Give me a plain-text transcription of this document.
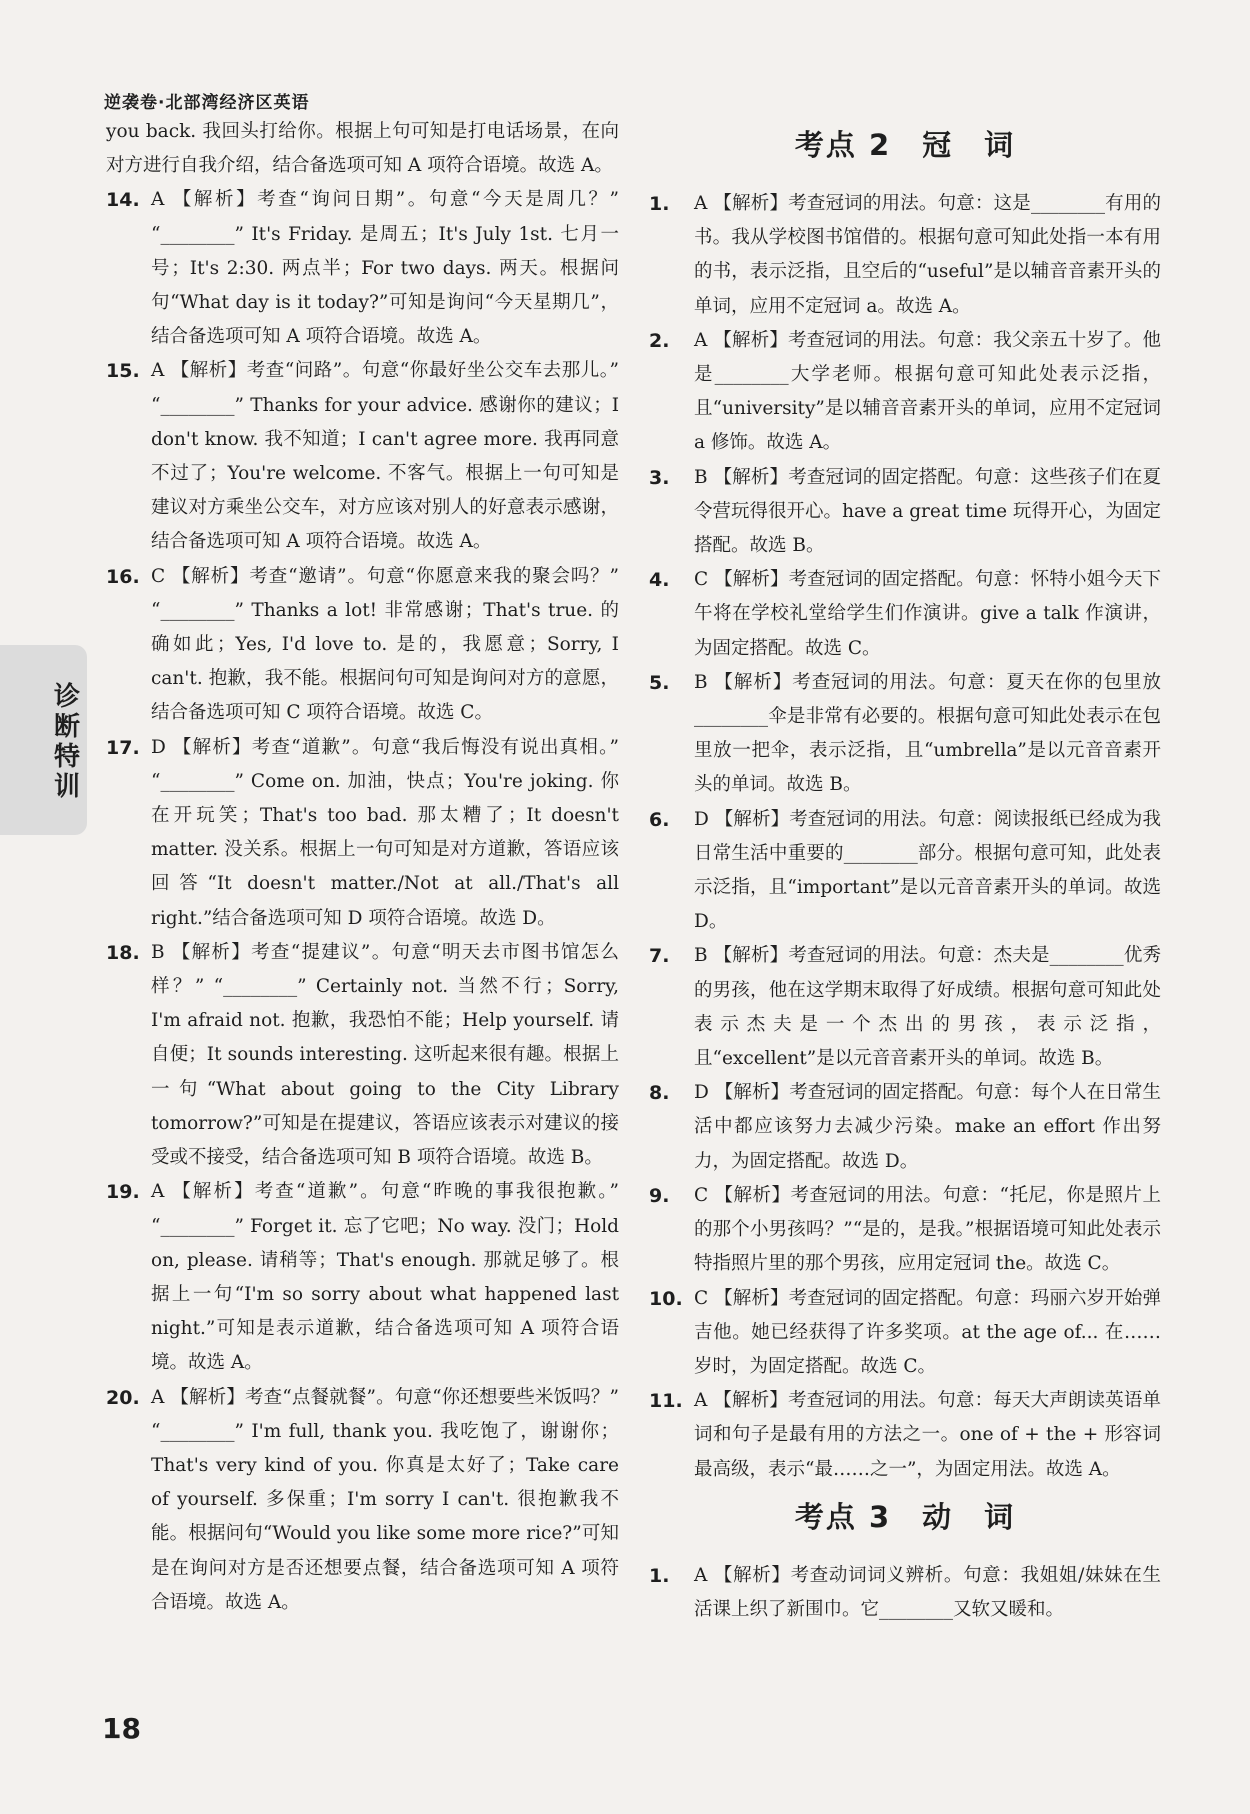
逆袭卷·北部湾经济区英语
诊断特训

you back. 我回头打给你。根据上句可知是打电话场景，在向对方进行自我介绍，结合备选项可知 A 项符合语境。故选 A。

14. A 【解析】考查“询问日期”。句意“今天是周几？” “________” It's Friday. 是周五；It's July 1st. 七月一号；It's 2:30. 两点半；For two days. 两天。根据问句“What day is it today?”可知是询问“今天星期几”，结合备选项可知 A 项符合语境。故选 A。
15. A 【解析】考查“问路”。句意“你最好坐公交车去那儿。” “________” Thanks for your advice. 感谢你的建议；I don't know. 我不知道；I can't agree more. 我再同意不过了；You're welcome. 不客气。根据上一句可知是建议对方乘坐公交车，对方应该对别人的好意表示感谢，结合备选项可知 A 项符合语境。故选 A。
16. C 【解析】考查“邀请”。句意“你愿意来我的聚会吗？” “________” Thanks a lot! 非常感谢；That's true. 的确如此；Yes, I'd love to. 是的，我愿意；Sorry, I can't. 抱歉，我不能。根据问句可知是询问对方的意愿，结合备选项可知 C 项符合语境。故选 C。
17. D 【解析】考查“道歉”。句意“我后悔没有说出真相。” “________” Come on. 加油，快点；You're joking. 你在开玩笑；That's too bad. 那太糟了；It doesn't matter. 没关系。根据上一句可知是对方道歉，答语应该回答“It doesn't matter./Not at all./That's all right.”结合备选项可知 D 项符合语境。故选 D。
18. B 【解析】考查“提建议”。句意“明天去市图书馆怎么样？” “________” Certainly not. 当然不行；Sorry, I'm afraid not. 抱歉，我恐怕不能；Help yourself. 请自便；It sounds interesting. 这听起来很有趣。根据上一句“What about going to the City Library tomorrow?”可知是在提建议，答语应该表示对建议的接受或不接受，结合备选项可知 B 项符合语境。故选 B。
19. A 【解析】考查“道歉”。句意“昨晚的事我很抱歉。” “________” Forget it. 忘了它吧；No way. 没门；Hold on, please. 请稍等；That's enough. 那就足够了。根据上一句“I'm so sorry about what happened last night.”可知是表示道歉，结合备选项可知 A 项符合语境。故选 A。
20. A 【解析】考查“点餐就餐”。句意“你还想要些米饭吗？” “________” I'm full, thank you. 我吃饱了，谢谢你；That's very kind of you. 你真是太好了；Take care of yourself. 多保重；I'm sorry I can't. 很抱歉我不能。根据问句“Would you like some more rice?”可知是在询问对方是否还想要点餐，结合备选项可知 A 项符合语境。故选 A。
考点 2　冠　词
1. A 【解析】考查冠词的用法。句意：这是________有用的书。我从学校图书馆借的。根据句意可知此处指一本有用的书，表示泛指，且空后的“useful”是以辅音音素开头的单词，应用不定冠词 a。故选 A。
2. A 【解析】考查冠词的用法。句意：我父亲五十岁了。他是________大学老师。根据句意可知此处表示泛指，且“university”是以辅音音素开头的单词，应用不定冠词 a 修饰。故选 A。
3. B 【解析】考查冠词的固定搭配。句意：这些孩子们在夏令营玩得很开心。have a great time 玩得开心，为固定搭配。故选 B。
4. C 【解析】考查冠词的固定搭配。句意：怀特小姐今天下午将在学校礼堂给学生们作演讲。give a talk 作演讲，为固定搭配。故选 C。
5. B 【解析】考查冠词的用法。句意：夏天在你的包里放________伞是非常有必要的。根据句意可知此处表示在包里放一把伞，表示泛指，且“umbrella”是以元音音素开头的单词。故选 B。
6. D 【解析】考查冠词的用法。句意：阅读报纸已经成为我日常生活中重要的________部分。根据句意可知，此处表示泛指，且“important”是以元音音素开头的单词。故选 D。
7. B 【解析】考查冠词的用法。句意：杰夫是________优秀的男孩，他在这学期末取得了好成绩。根据句意可知此处表示杰夫是一个杰出的男孩，表示泛指，且“excellent”是以元音音素开头的单词。故选 B。
8. D 【解析】考查冠词的固定搭配。句意：每个人在日常生活中都应该努力去减少污染。make an effort 作出努力，为固定搭配。故选 D。
9. C 【解析】考查冠词的用法。句意：“托尼，你是照片上的那个小男孩吗？”“是的，是我。”根据语境可知此处表示特指照片里的那个男孩，应用定冠词 the。故选 C。
10. C 【解析】考查冠词的固定搭配。句意：玛丽六岁开始弹吉他。她已经获得了许多奖项。at the age of... 在……岁时，为固定搭配。故选 C。
11. A 【解析】考查冠词的用法。句意：每天大声朗读英语单词和句子是最有用的方法之一。one of + the + 形容词最高级，表示“最……之一”，为固定用法。故选 A。
考点 3　动　词
1. A 【解析】考查动词词义辨析。句意：我姐姐/妹妹在生活课上织了新围巾。它________又软又暖和。
18
